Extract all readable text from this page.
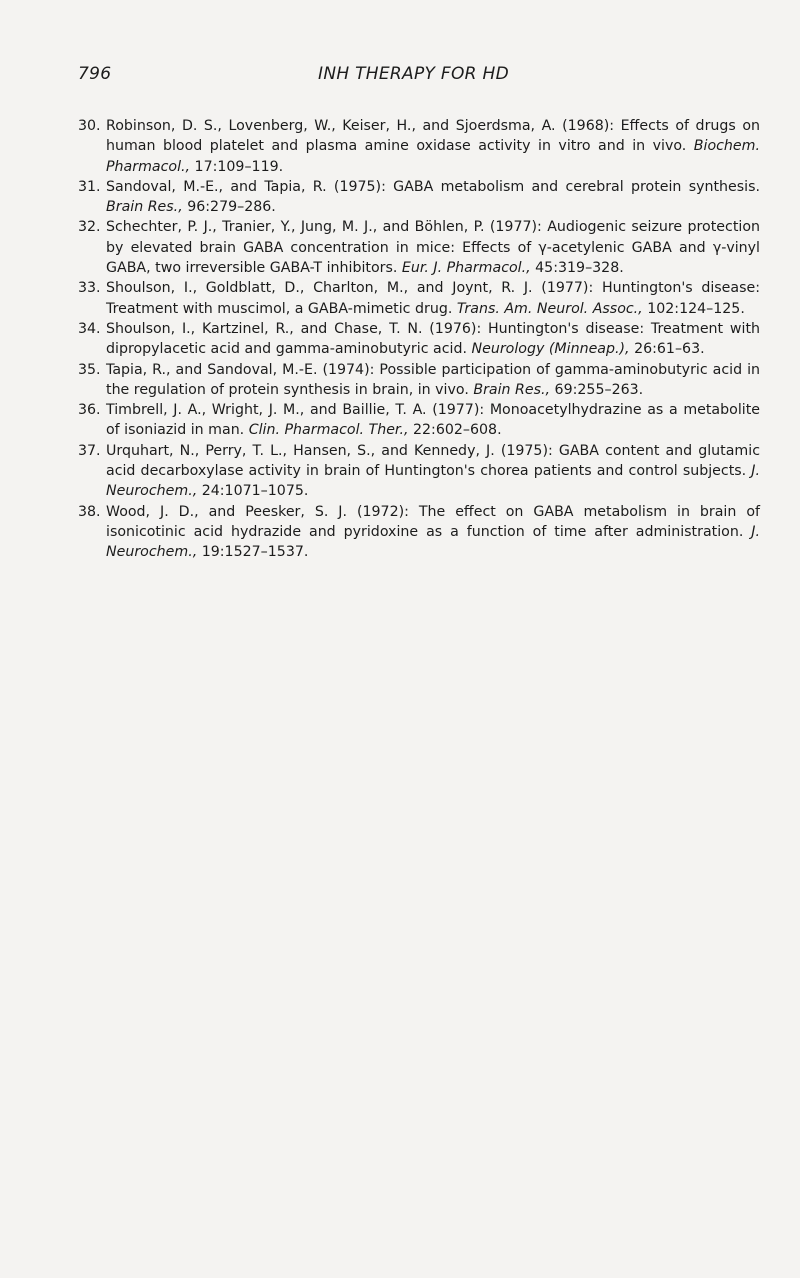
796	INH THERAPY FOR HD
30. Robinson, D. S., Lovenberg, W., Keiser, H., and Sjoerdsma, A. (1968): Effects of drugs on human blood platelet and plasma amine oxidase activity in vitro and in vivo. Biochem. Pharmacol., 17:109–119.
31. Sandoval, M.-E., and Tapia, R. (1975): GABA metabolism and cerebral protein synthesis. Brain Res., 96:279–286.
32. Schechter, P. J., Tranier, Y., Jung, M. J., and Böhlen, P. (1977): Audiogenic seizure protection by elevated brain GABA concentration in mice: Effects of γ-acetylenic GABA and γ-vinyl GABA, two irreversible GABA-T inhibitors. Eur. J. Pharmacol., 45:319–328.
33. Shoulson, I., Goldblatt, D., Charlton, M., and Joynt, R. J. (1977): Huntington's disease: Treatment with muscimol, a GABA-mimetic drug. Trans. Am. Neurol. Assoc., 102:124–125.
34. Shoulson, I., Kartzinel, R., and Chase, T. N. (1976): Huntington's disease: Treatment with dipropylacetic acid and gamma-aminobutyric acid. Neurology (Minneap.), 26:61–63.
35. Tapia, R., and Sandoval, M.-E. (1974): Possible participation of gamma-aminobutyric acid in the regulation of protein synthesis in brain, in vivo. Brain Res., 69:255–263.
36. Timbrell, J. A., Wright, J. M., and Baillie, T. A. (1977): Monoacetylhydrazine as a metabolite of isoniazid in man. Clin. Pharmacol. Ther., 22:602–608.
37. Urquhart, N., Perry, T. L., Hansen, S., and Kennedy, J. (1975): GABA content and glutamic acid decarboxylase activity in brain of Huntington's chorea patients and control subjects. J. Neurochem., 24:1071–1075.
38. Wood, J. D., and Peesker, S. J. (1972): The effect on GABA metabolism in brain of isonicotinic acid hydrazide and pyridoxine as a function of time after administration. J. Neurochem., 19:1527–1537.
